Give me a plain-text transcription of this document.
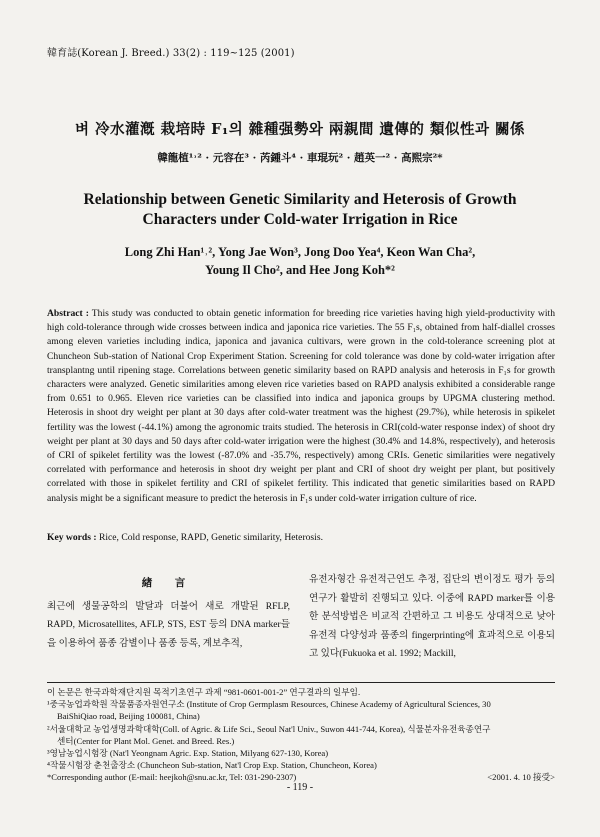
韓育誌(Korean J. Breed.) 33(2) : 119~125 (2001)
벼 冷水灌漑 栽培時 F₁의 雜種强勢와 兩親間 遺傳的 類似性과 關係
韓龍植¹˒² · 元容在³ · 芮鍾斗⁴ · 車琨玩² · 趙英一² · 高熙宗²*
Relationship between Genetic Similarity and Heterosis of Growth
Characters under Cold-water Irrigation in Rice
Long Zhi Han¹˒², Yong Jae Won³, Jong Doo Yea⁴, Keon Wan Cha²,
Young Il Cho², and Hee Jong Koh*²
Abstract : This study was conducted to obtain genetic information for breeding rice varieties having high yield-productivity with high cold-tolerance through wide crosses between indica and japonica rice varieties. The 55 F₁s, obtained from half-diallel crosses among eleven varieties including indica, japonica and javanica cultivars, were grown in the cold-tolerance screening plot at Chuncheon Sub-station of National Crop Experiment Station. Screening for cold tolerance was done by cold-water irrigation after transplantng until ripening stage. Correlations between genetic similarity based on RAPD analysis and heterosis in F₁s for growth characters were analyzed. Genetic similarities among eleven rice varieties based on RAPD analysis exhibited a considerable range from 0.651 to 0.965. Eleven rice varieties can be classified into indica and japonica groups by UPGMA clustering method. Heterosis in shoot dry weight per plant at 30 days after cold-water treatment was the highest (29.7%), while heterosis in spikelet fertility was the lowest (-44.1%) among the agronomic traits studied. The heterosis in CRI(cold-water response index) of shoot dry weight per plant at 30 days and 50 days after cold-water irrigation were the highest (30.4% and 14.8%, respectively), and heterosis of CRI of spikelet fertility was the lowest (-87.0% and -35.7%, respectively) among CRIs. Genetic similarities were negatively correlated with performance and heterosis in shoot dry weight per plant and CRI of shoot dry weight per plant, but positively correlated with those in spikelet fertility and CRI of spikelet fertility. This indicated that genetic similarities based on RAPD analysis might be a significant measure to predict the heterosis in F₁s under cold-water irrigation culture of rice.
Key words : Rice, Cold response, RAPD, Genetic similarity, Heterosis.
緖 言
최근에 생물공학의 발달과 더불어 새로 개발된 RFLP, RAPD, Microsatellites, AFLP, STS, EST 등의 DNA marker들을 이용하여 품종 감별이나 품종 등록, 계보추적,
유전자형간 유전적근연도 추정, 집단의 변이정도 평가 등의 연구가 활발히 진행되고 있다. 이중에 RAPD marker를 이용한 분석방법은 비교적 간편하고 그 비용도 상대적으로 낮아 유전적 다양성과 품종의 fingerprinting에 효과적으로 이용되고 있다(Fukuoka et al. 1992; Mackill,

이 논문은 한국과학재단지원 목적기초연구 과제 “981-0601-001-2” 연구결과의 일부임.

¹중국농업과학원 작물품종자원연구소 (Institute of Crop Germplasm Resources, Chinese Academy of Agricultural Sciences, 30

BaiShiQiao road, Beijing 100081, China)

²서울대학교 농업생명과학대학(Coll. of Agric. & Life Sci., Seoul Nat'l Univ., Suwon 441-744, Korea), 식물분자유전육종연구

센터(Center for Plant Mol. Genet. and Breed. Res.)

³영남농업시험장 (Nat'l Yeongnam Agric. Exp. Station, Milyang 627-130, Korea)

⁴작물시험장 춘천출장소 (Chuncheon Sub-station, Nat'l Crop Exp. Station, Chuncheon, Korea)

*Corresponding author (E-mail: heejkoh@snu.ac.kr, Tel: 031-290-2307)	<2001. 4. 10 接受>

- 119 -
